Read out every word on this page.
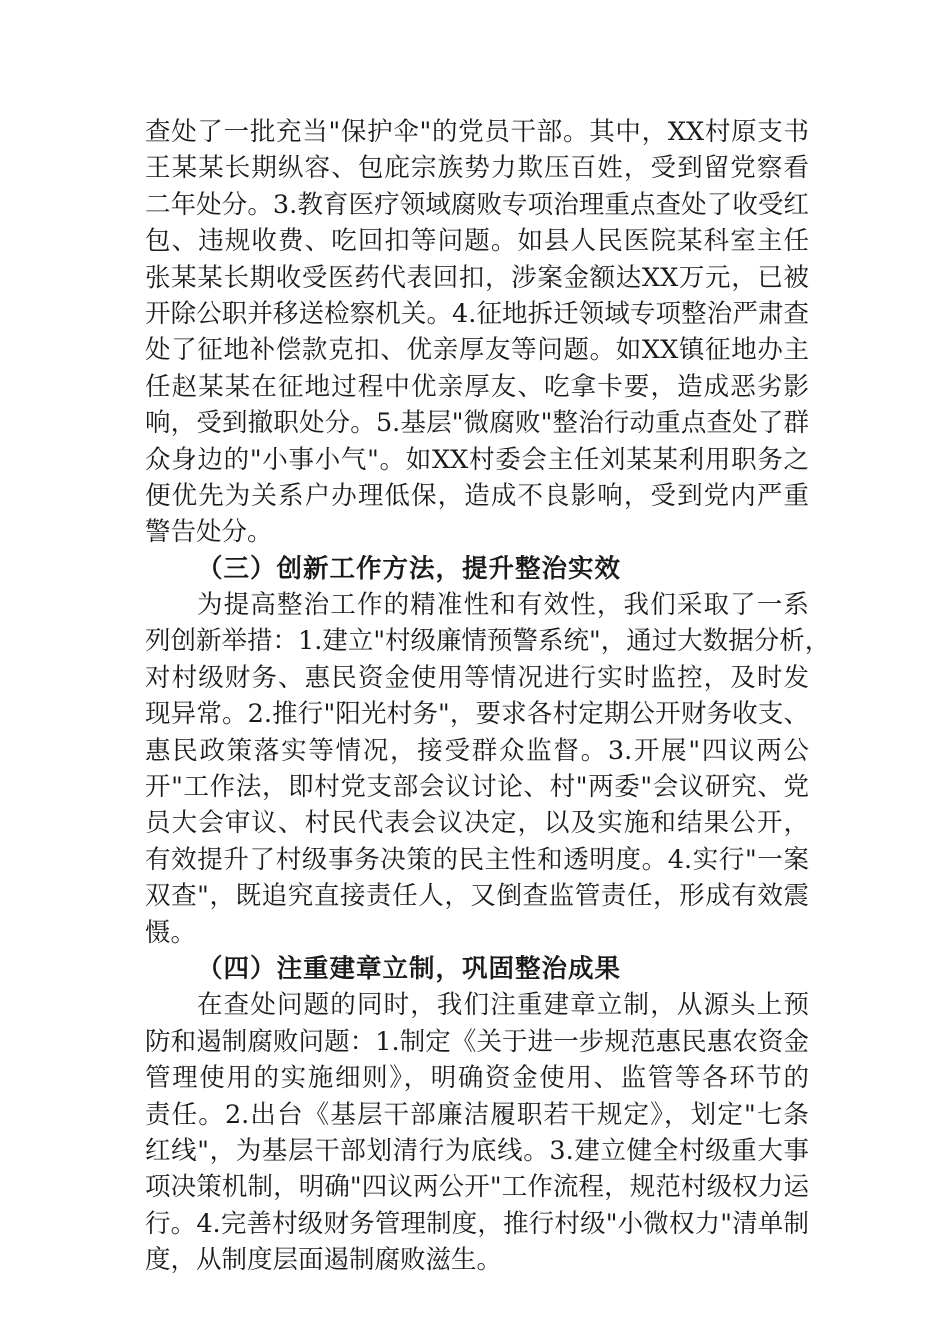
查处了一批充当"保护伞"的党员干部。其中，XX村原支书
王某某长期纵容、包庇宗族势力欺压百姓，受到留党察看
二年处分。3.教育医疗领域腐败专项治理重点查处了收受红
包、违规收费、吃回扣等问题。如县人民医院某科室主任
张某某长期收受医药代表回扣，涉案金额达XX万元，已被
开除公职并移送检察机关。4.征地拆迁领域专项整治严肃查
处了征地补偿款克扣、优亲厚友等问题。如XX镇征地办主
任赵某某在征地过程中优亲厚友、吃拿卡要，造成恶劣影
响，受到撤职处分。5.基层"微腐败"整治行动重点查处了群
众身边的"小事小气"。如XX村委会主任刘某某利用职务之
便优先为关系户办理低保，造成不良影响，受到党内严重
警告处分。
（三）创新工作方法，提升整治实效
为提高整治工作的精准性和有效性，我们采取了一系
列创新举措：1.建立"村级廉情预警系统"，通过大数据分析，
对村级财务、惠民资金使用等情况进行实时监控，及时发
现异常。2.推行"阳光村务"，要求各村定期公开财务收支、
惠民政策落实等情况，接受群众监督。3.开展"四议两公
开"工作法，即村党支部会议讨论、村"两委"会议研究、党
员大会审议、村民代表会议决定，以及实施和结果公开，
有效提升了村级事务决策的民主性和透明度。4.实行"一案
双查"，既追究直接责任人，又倒查监管责任，形成有效震
慑。
（四）注重建章立制，巩固整治成果
在查处问题的同时，我们注重建章立制，从源头上预
防和遏制腐败问题：1.制定《关于进一步规范惠民惠农资金
管理使用的实施细则》，明确资金使用、监管等各环节的
责任。2.出台《基层干部廉洁履职若干规定》，划定"七条
红线"，为基层干部划清行为底线。3.建立健全村级重大事
项决策机制，明确"四议两公开"工作流程，规范村级权力运
行。4.完善村级财务管理制度，推行村级"小微权力"清单制
度，从制度层面遏制腐败滋生。
